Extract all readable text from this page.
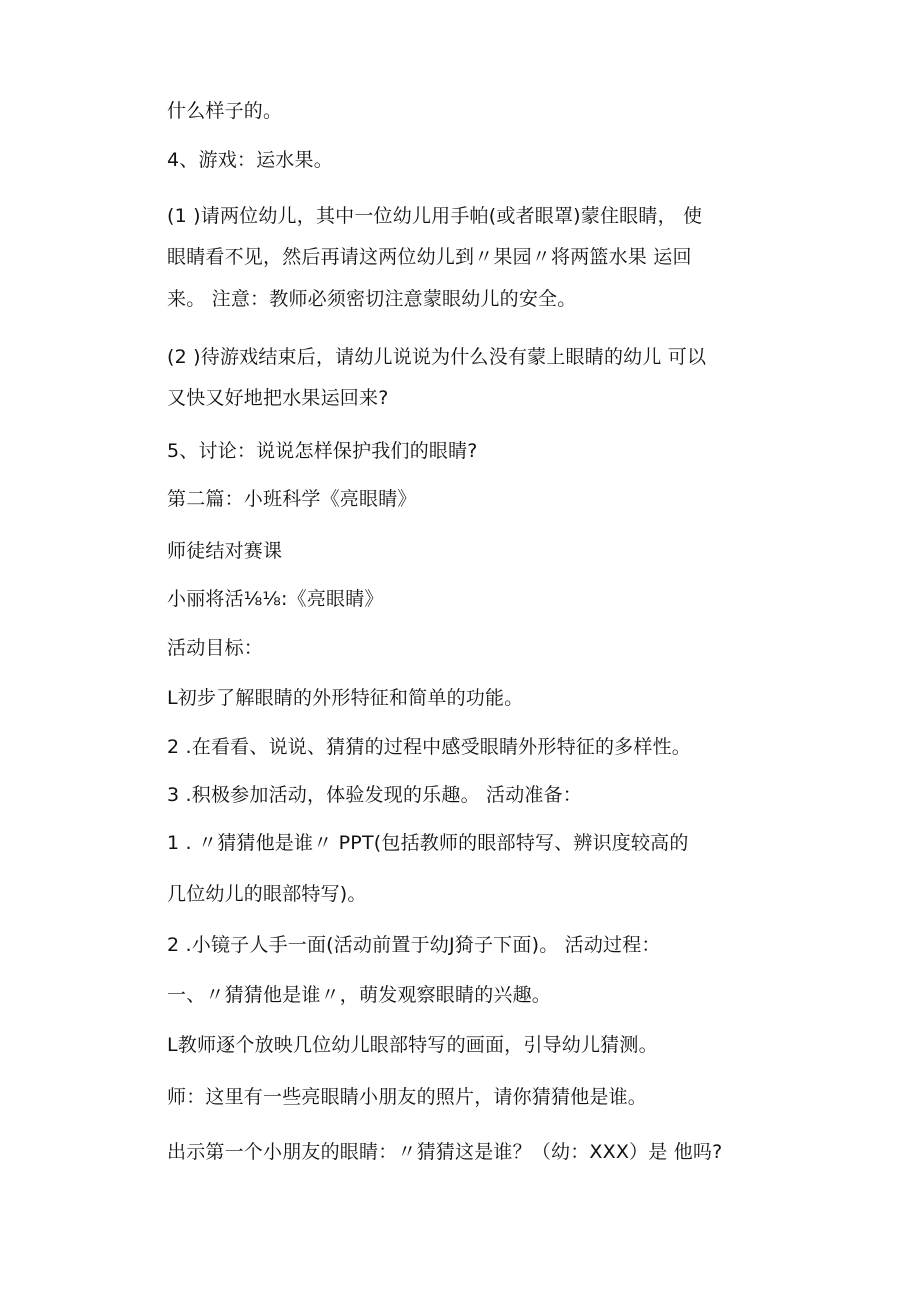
什么样子的。
4、游戏：运水果。
(1 )请两位幼儿，其中一位幼儿用手帕(或者眼罩)蒙住眼睛， 使
眼睛看不见，然后再请这两位幼儿到〃果园〃将两篮水果 运回
来。 注意：教师必须密切注意蒙眼幼儿的安全。
(2 )待游戏结束后，请幼儿说说为什么没有蒙上眼睛的幼儿 可以
又快又好地把水果运回来?
5、讨论：说说怎样保护我们的眼睛?
第二篇：小班科学《亮眼睛》
师徒结对赛课
小丽将活⅛⅛:《亮眼睛》
活动目标：
L初步了解眼睛的外形特征和简单的功能。
2 .在看看、说说、猜猜的过程中感受眼睛外形特征的多样性。
3 .积极参加活动，体验发现的乐趣。 活动准备：
1 . 〃猜猜他是谁〃 PPT(包括教师的眼部特写、辨识度较高的
几位幼儿的眼部特写)。
2 .小镜子人手一面(活动前置于幼J猗子下面)。 活动过程：
一、〃猜猜他是谁〃，萌发观察眼睛的兴趣。
L教师逐个放映几位幼儿眼部特写的画面，引导幼儿猜测。
师：这里有一些亮眼睛小朋友的照片，请你猜猜他是谁。
出示第一个小朋友的眼睛：〃猜猜这是谁？（幼：XXX）是 他吗?
